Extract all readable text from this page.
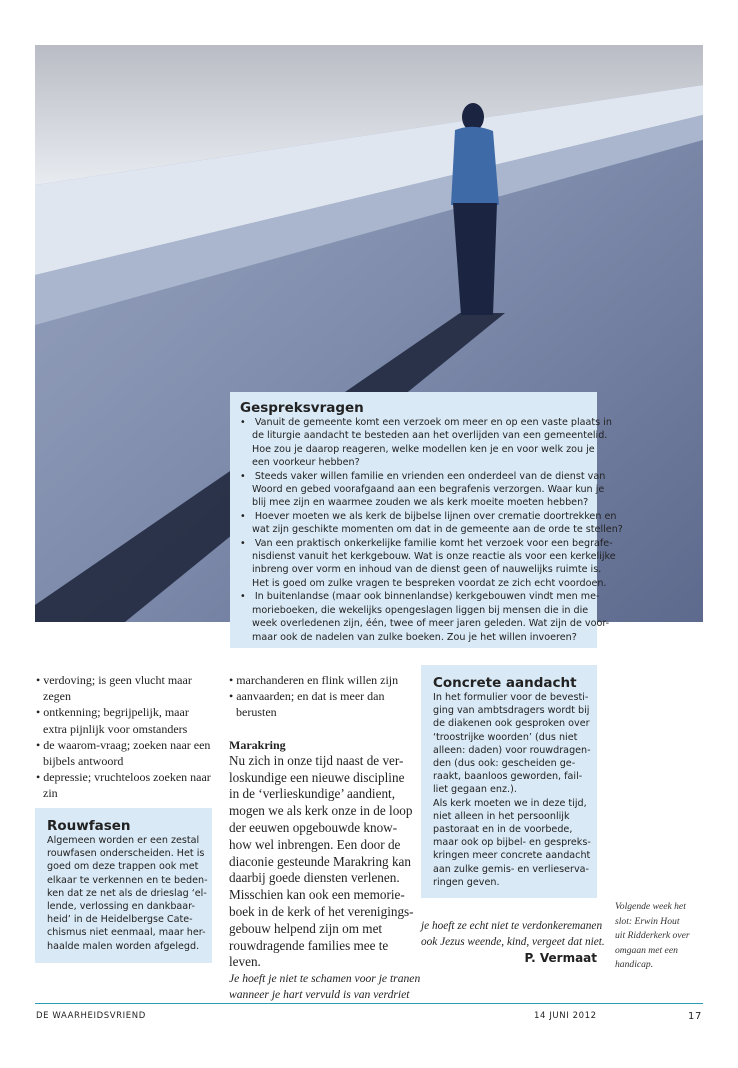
Gespreksvragen
•   Vanuit de gemeente komt een verzoek om meer en op een vaste plaats in
de liturgie aandacht te besteden aan het overlijden van een gemeentelid.
Hoe zou je daarop reageren, welke modellen ken je en voor welk zou je
een voorkeur hebben?
•   Steeds vaker willen familie en vrienden een onderdeel van de dienst van
Woord en gebed voorafgaand aan een begrafenis verzorgen. Waar kun je
blij mee zijn en waarmee zouden we als kerk moeite moeten hebben?
•   Hoever moeten we als kerk de bijbelse lijnen over crematie doortrekken en
wat zijn geschikte momenten om dat in de gemeente aan de orde te stellen?
•   Van een praktisch onkerkelijke familie komt het verzoek voor een begrafe-
nisdienst vanuit het kerkgebouw. Wat is onze reactie als voor een kerkelijke
inbreng over vorm en inhoud van de dienst geen of nauwelijks ruimte is.
Het is goed om zulke vragen te bespreken voordat ze zich echt voordoen.
•   In buitenlandse (maar ook binnenlandse) kerkgebouwen vindt men me-
morieboeken, die wekelijks opengeslagen liggen bij mensen die in die
week overledenen zijn, één, twee of meer jaren geleden. Wat zijn de voor-
maar ook de nadelen van zulke boeken. Zou je het willen invoeren?
• verdoving; is geen vlucht maar
zegen
• ontkenning; begrijpelijk, maar
extra pijnlijk voor omstanders
• de waarom-vraag; zoeken naar een
bijbels antwoord
• depressie; vruchteloos zoeken naar
zin
Rouwfasen
Algemeen worden er een zestal
rouwfasen onderscheiden. Het is
goed om deze trappen ook met
elkaar te verkennen en te beden-
ken dat ze net als de drieslag ‘el-
lende, verlossing en dankbaar-
heid’ in de Heidelbergse Cate-
chismus niet eenmaal, maar her-
haalde malen worden afgelegd.
• marchanderen en flink willen zijn
• aanvaarden; en dat is meer dan
berusten
Marakring
Nu zich in onze tijd naast de ver-
loskundige een nieuwe discipline
in de ‘verlieskundige’ aandient,
mogen we als kerk onze in de loop
der eeuwen opgebouwde know-
how wel inbrengen. Een door de
diaconie gesteunde Marakring kan
daarbij goede diensten verlenen.
Misschien kan ook een memorie-
boek in de kerk of het verenigings-
gebouw helpend zijn om met
rouwdragende families mee te
leven.
Je hoeft je niet te schamen voor je tranen
wanneer je hart vervuld is van verdriet
Concrete aandacht
In het formulier voor de bevesti-
ging van ambtsdragers wordt bij
de diakenen ook gesproken over
‘troostrijke woorden’ (dus niet
alleen: daden) voor rouwdragen-
den (dus ook: gescheiden ge-
raakt, baanloos geworden, fail-
liet gegaan enz.).
Als kerk moeten we in deze tijd,
niet alleen in het persoonlijk
pastoraat en in de voorbede,
maar ook op bijbel- en gespreks-
kringen meer concrete aandacht
aan zulke gemis- en verlieserva-
ringen geven.
je hoeft ze echt niet te verdonkeremanen
ook Jezus weende, kind, vergeet dat niet.
P. Vermaat
Volgende week het
slot: Erwin Hout
uit Ridderkerk over
omgaan met een
handicap.
DE WAARHEIDSVRIEND	14 JUNI 2012	17
